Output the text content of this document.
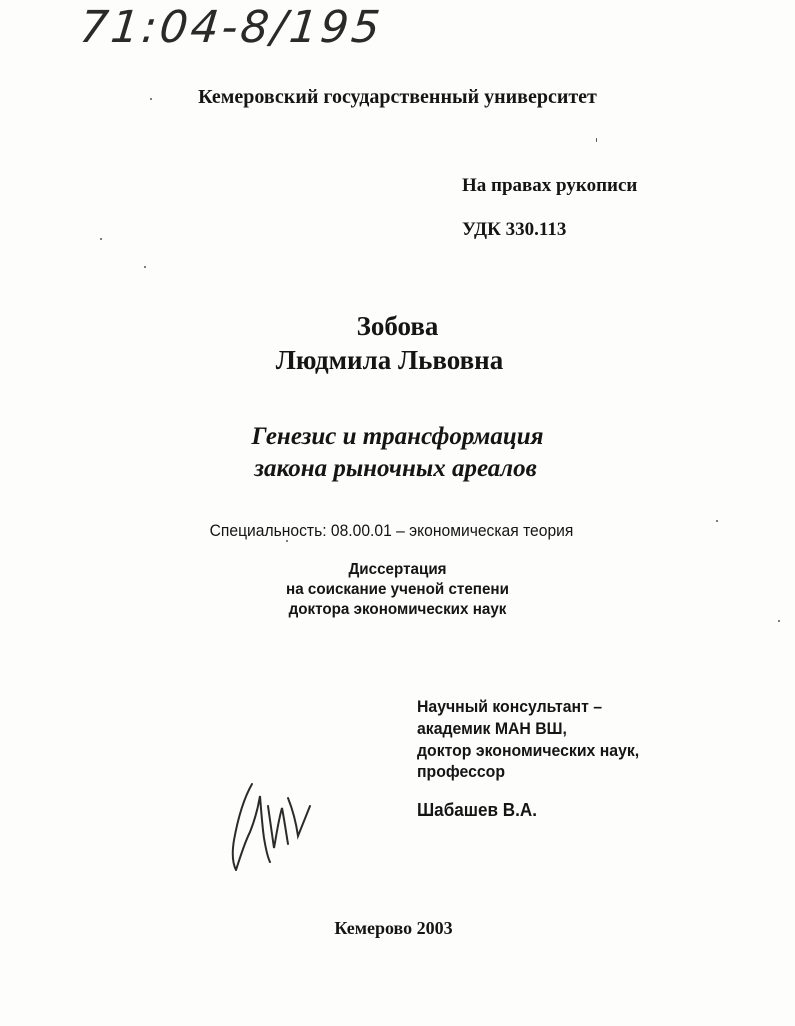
71:04-8/195
Кемеровский государственный университет
На правах рукописи
УДК 330.113
Зобова
Людмила Львовна
Генезис и трансформация
закона рыночных ареалов
Специальность: 08.00.01 – экономическая теория
Диссертация
на соискание ученой степени
доктора экономических наук
Научный консультант –
академик МАН ВШ,
доктор экономических наук,
профессор
Шабашев В.А.
Кемерово 2003
